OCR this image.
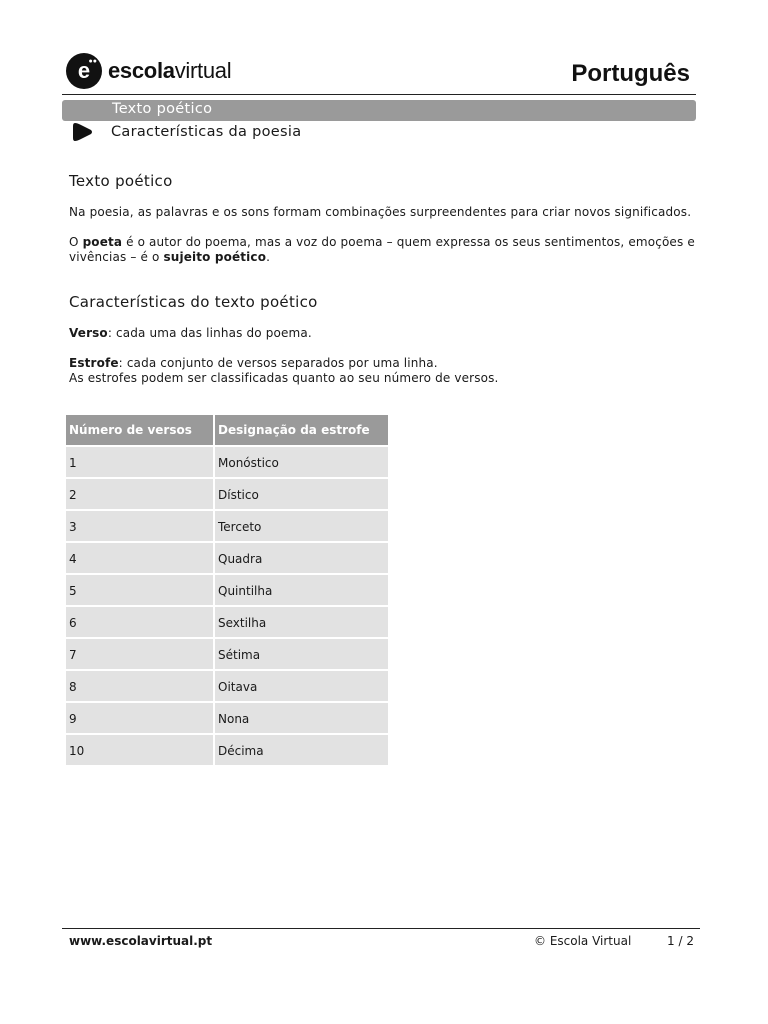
e
●● escolavirtual	Português
Texto poético
Características da poesia
Texto poético

Na poesia, as palavras e os sons formam combinações surpreendentes para criar novos significados.

O poeta é o autor do poema, mas a voz do poema – quem expressa os seus sentimentos, emoções e vivências – é o sujeito poético.

Características do texto poético

Verso: cada uma das linhas do poema.

Estrofe: cada conjunto de versos separados por uma linha.
As estrofes podem ser classificadas quanto ao seu número de versos.

Número de versos	Designação da estrofe
1	Monóstico
2	Dístico
3	Terceto
4	Quadra
5	Quintilha
6	Sextilha
7	Sétima
8	Oitava
9	Nona
10	Décima
www.escolavirtual.pt	© Escola Virtual	1 / 2
